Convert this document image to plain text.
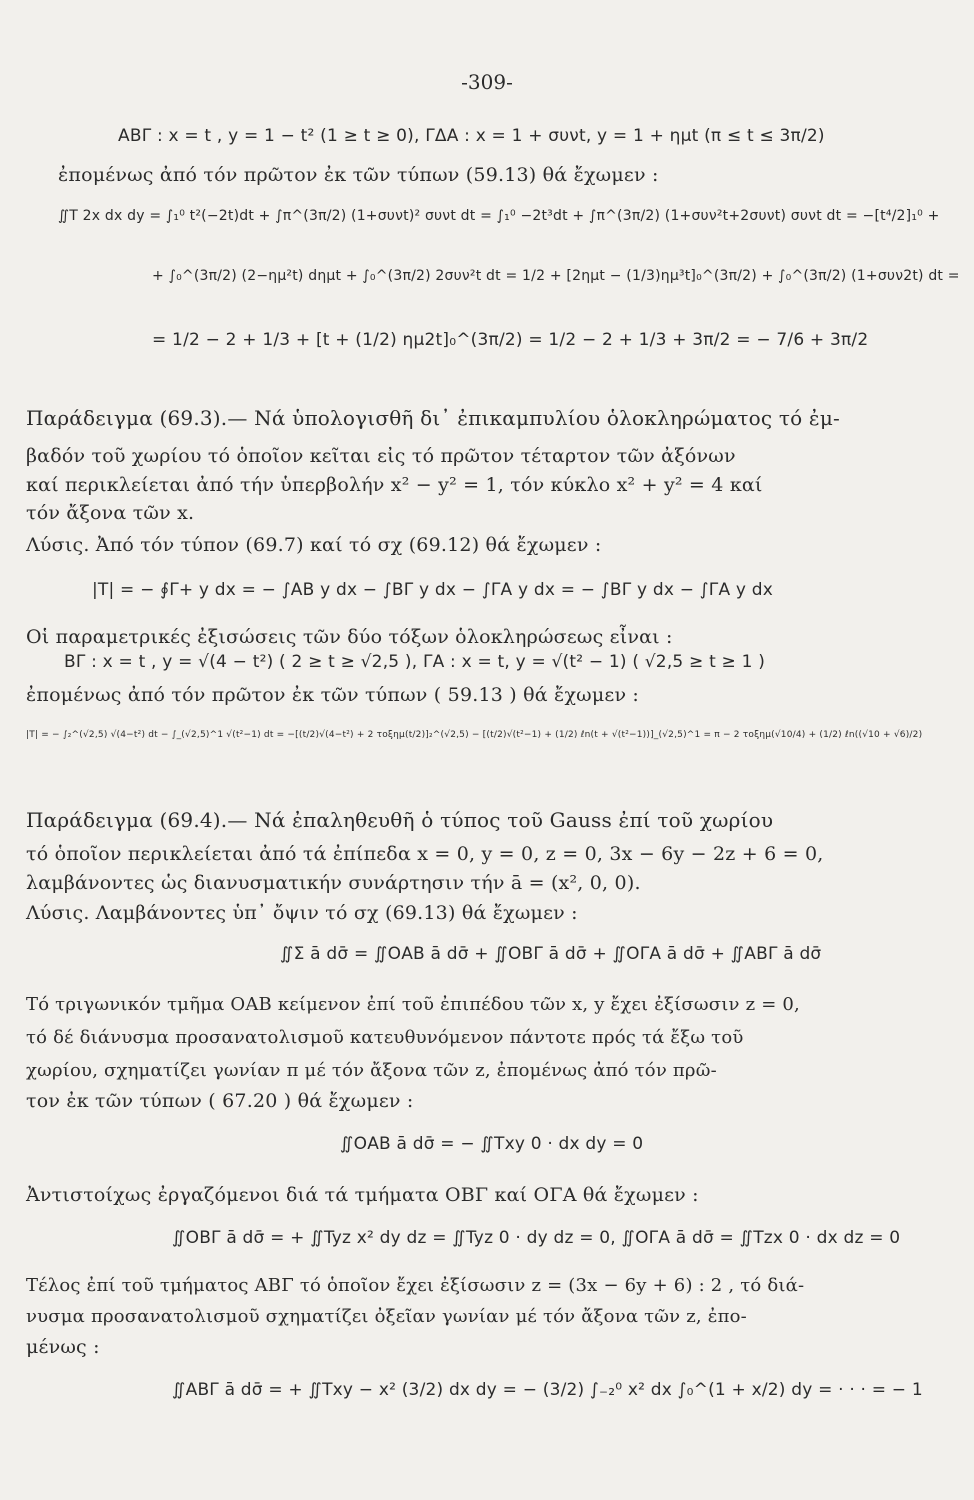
-309-
ΑΒΓ : x = t , y = 1 − t² (1 ≥ t ≥ 0), ΓΔΑ : x = 1 + συνt, y = 1 + ημt (π ≤ t ≤ 3π/2)
ἐπομένως ἀπό τόν πρῶτον ἐκ τῶν τύπων (59.13) θά ἔχωμεν :
∬T 2x dx dy = ∫₁⁰ t²(−2t)dt + ∫π^(3π/2) (1+συνt)² συνt dt = ∫₁⁰ −2t³dt + ∫π^(3π/2) (1+συν²t+2συνt) συνt dt = −[t⁴/2]₁⁰ +
+ ∫₀^(3π/2) (2−ημ²t) dημt + ∫₀^(3π/2) 2συν²t dt = 1/2 + [2ημt − (1/3)ημ³t]₀^(3π/2) + ∫₀^(3π/2) (1+συν2t) dt =
= 1/2 − 2 + 1/3 + [t + (1/2) ημ2t]₀^(3π/2) = 1/2 − 2 + 1/3 + 3π/2 = − 7/6 + 3π/2
Παράδειγμα (69.3).— Νά ὑπολογισθῆ δι᾽ ἐπικαμπυλίου ὁλοκληρώματος τό ἐμ-
βαδόν τοῦ χωρίου τό ὁποῖον κεῖται εἰς τό πρῶτον τέταρτον τῶν ἀξόνων
καί περικλείεται ἀπό τήν ὑπερβολήν x² − y² = 1, τόν κύκλο x² + y² = 4 καί
τόν ἄξονα τῶν x.
Λύσις. Ἀπό τόν τύπον (69.7) καί τό σχ (69.12) θά ἔχωμεν :
|T| = − ∮Γ+ y dx = − ∫ΑΒ y dx − ∫ΒΓ y dx − ∫ΓΑ y dx = − ∫ΒΓ y dx − ∫ΓΑ y dx
Οἱ παραμετρικές ἐξισώσεις τῶν δύο τόξων ὁλοκληρώσεως εἶναι :
ΒΓ : x = t , y = √(4 − t²) ( 2 ≥ t ≥ √2,5 ), ΓΑ : x = t, y = √(t² − 1) ( √2,5 ≥ t ≥ 1 )
ἐπομένως ἀπό τόν πρῶτον ἐκ τῶν τύπων ( 59.13 ) θά ἔχωμεν :
|T| = − ∫₂^(√2,5) √(4−t²) dt − ∫_(√2,5)^1 √(t²−1) dt = −[(t/2)√(4−t²) + 2 τοξημ(t/2)]₂^(√2,5) − [(t/2)√(t²−1) + (1/2) ℓn(t + √(t²−1))]_(√2,5)^1 = π − 2 τοξημ(√10/4) + (1/2) ℓn((√10 + √6)/2)
Παράδειγμα (69.4).— Νά ἐπαληθευθῆ ὁ τύπος τοῦ Gauss ἐπί τοῦ χωρίου
τό ὁποῖον περικλείεται ἀπό τά ἐπίπεδα x = 0, y = 0, z = 0, 3x − 6y − 2z + 6 = 0,
λαμβάνοντες ὡς διανυσματικήν συνάρτησιν τήν ā = (x², 0, 0).
Λύσις. Λαμβάνοντες ὑπ᾽ ὄψιν τό σχ (69.13) θά ἔχωμεν :
∬Σ ā dσ̄ = ∬ΟΑΒ ā dσ̄ + ∬ΟΒΓ ā dσ̄ + ∬ΟΓΑ ā dσ̄ + ∬ΑΒΓ ā dσ̄
Τό τριγωνικόν τμῆμα ΟΑΒ κείμενον ἐπί τοῦ ἐπιπέδου τῶν x, y ἔχει ἐξίσωσιν z = 0,
τό δέ διάνυσμα προσανατολισμοῦ κατευθυνόμενον πάντοτε πρός τά ἔξω τοῦ
χωρίου, σχηματίζει γωνίαν π μέ τόν ἄξονα τῶν z, ἐπομένως ἀπό τόν πρῶ-
τον ἐκ τῶν τύπων ( 67.20 ) θά ἔχωμεν :
∬ΟΑΒ ā dσ̄ = − ∬Txy 0 · dx dy = 0
Ἀντιστοίχως ἐργαζόμενοι διά τά τμήματα ΟΒΓ καί ΟΓΑ θά ἔχωμεν :
∬ΟΒΓ ā dσ̄ = + ∬Tyz x² dy dz = ∬Tyz 0 · dy dz = 0, ∬ΟΓΑ ā dσ̄ = ∬Tzx 0 · dx dz = 0
Τέλος ἐπί τοῦ τμήματος ΑΒΓ τό ὁποῖον ἔχει ἐξίσωσιν z = (3x − 6y + 6) : 2 , τό διά-
νυσμα προσανατολισμοῦ σχηματίζει ὀξεῖαν γωνίαν μέ τόν ἄξονα τῶν z, ἐπο-
μένως :
∬ΑΒΓ ā dσ̄ = + ∬Txy − x² (3/2) dx dy = − (3/2) ∫₋₂⁰ x² dx ∫₀^(1 + x/2) dy = · · · = − 1
